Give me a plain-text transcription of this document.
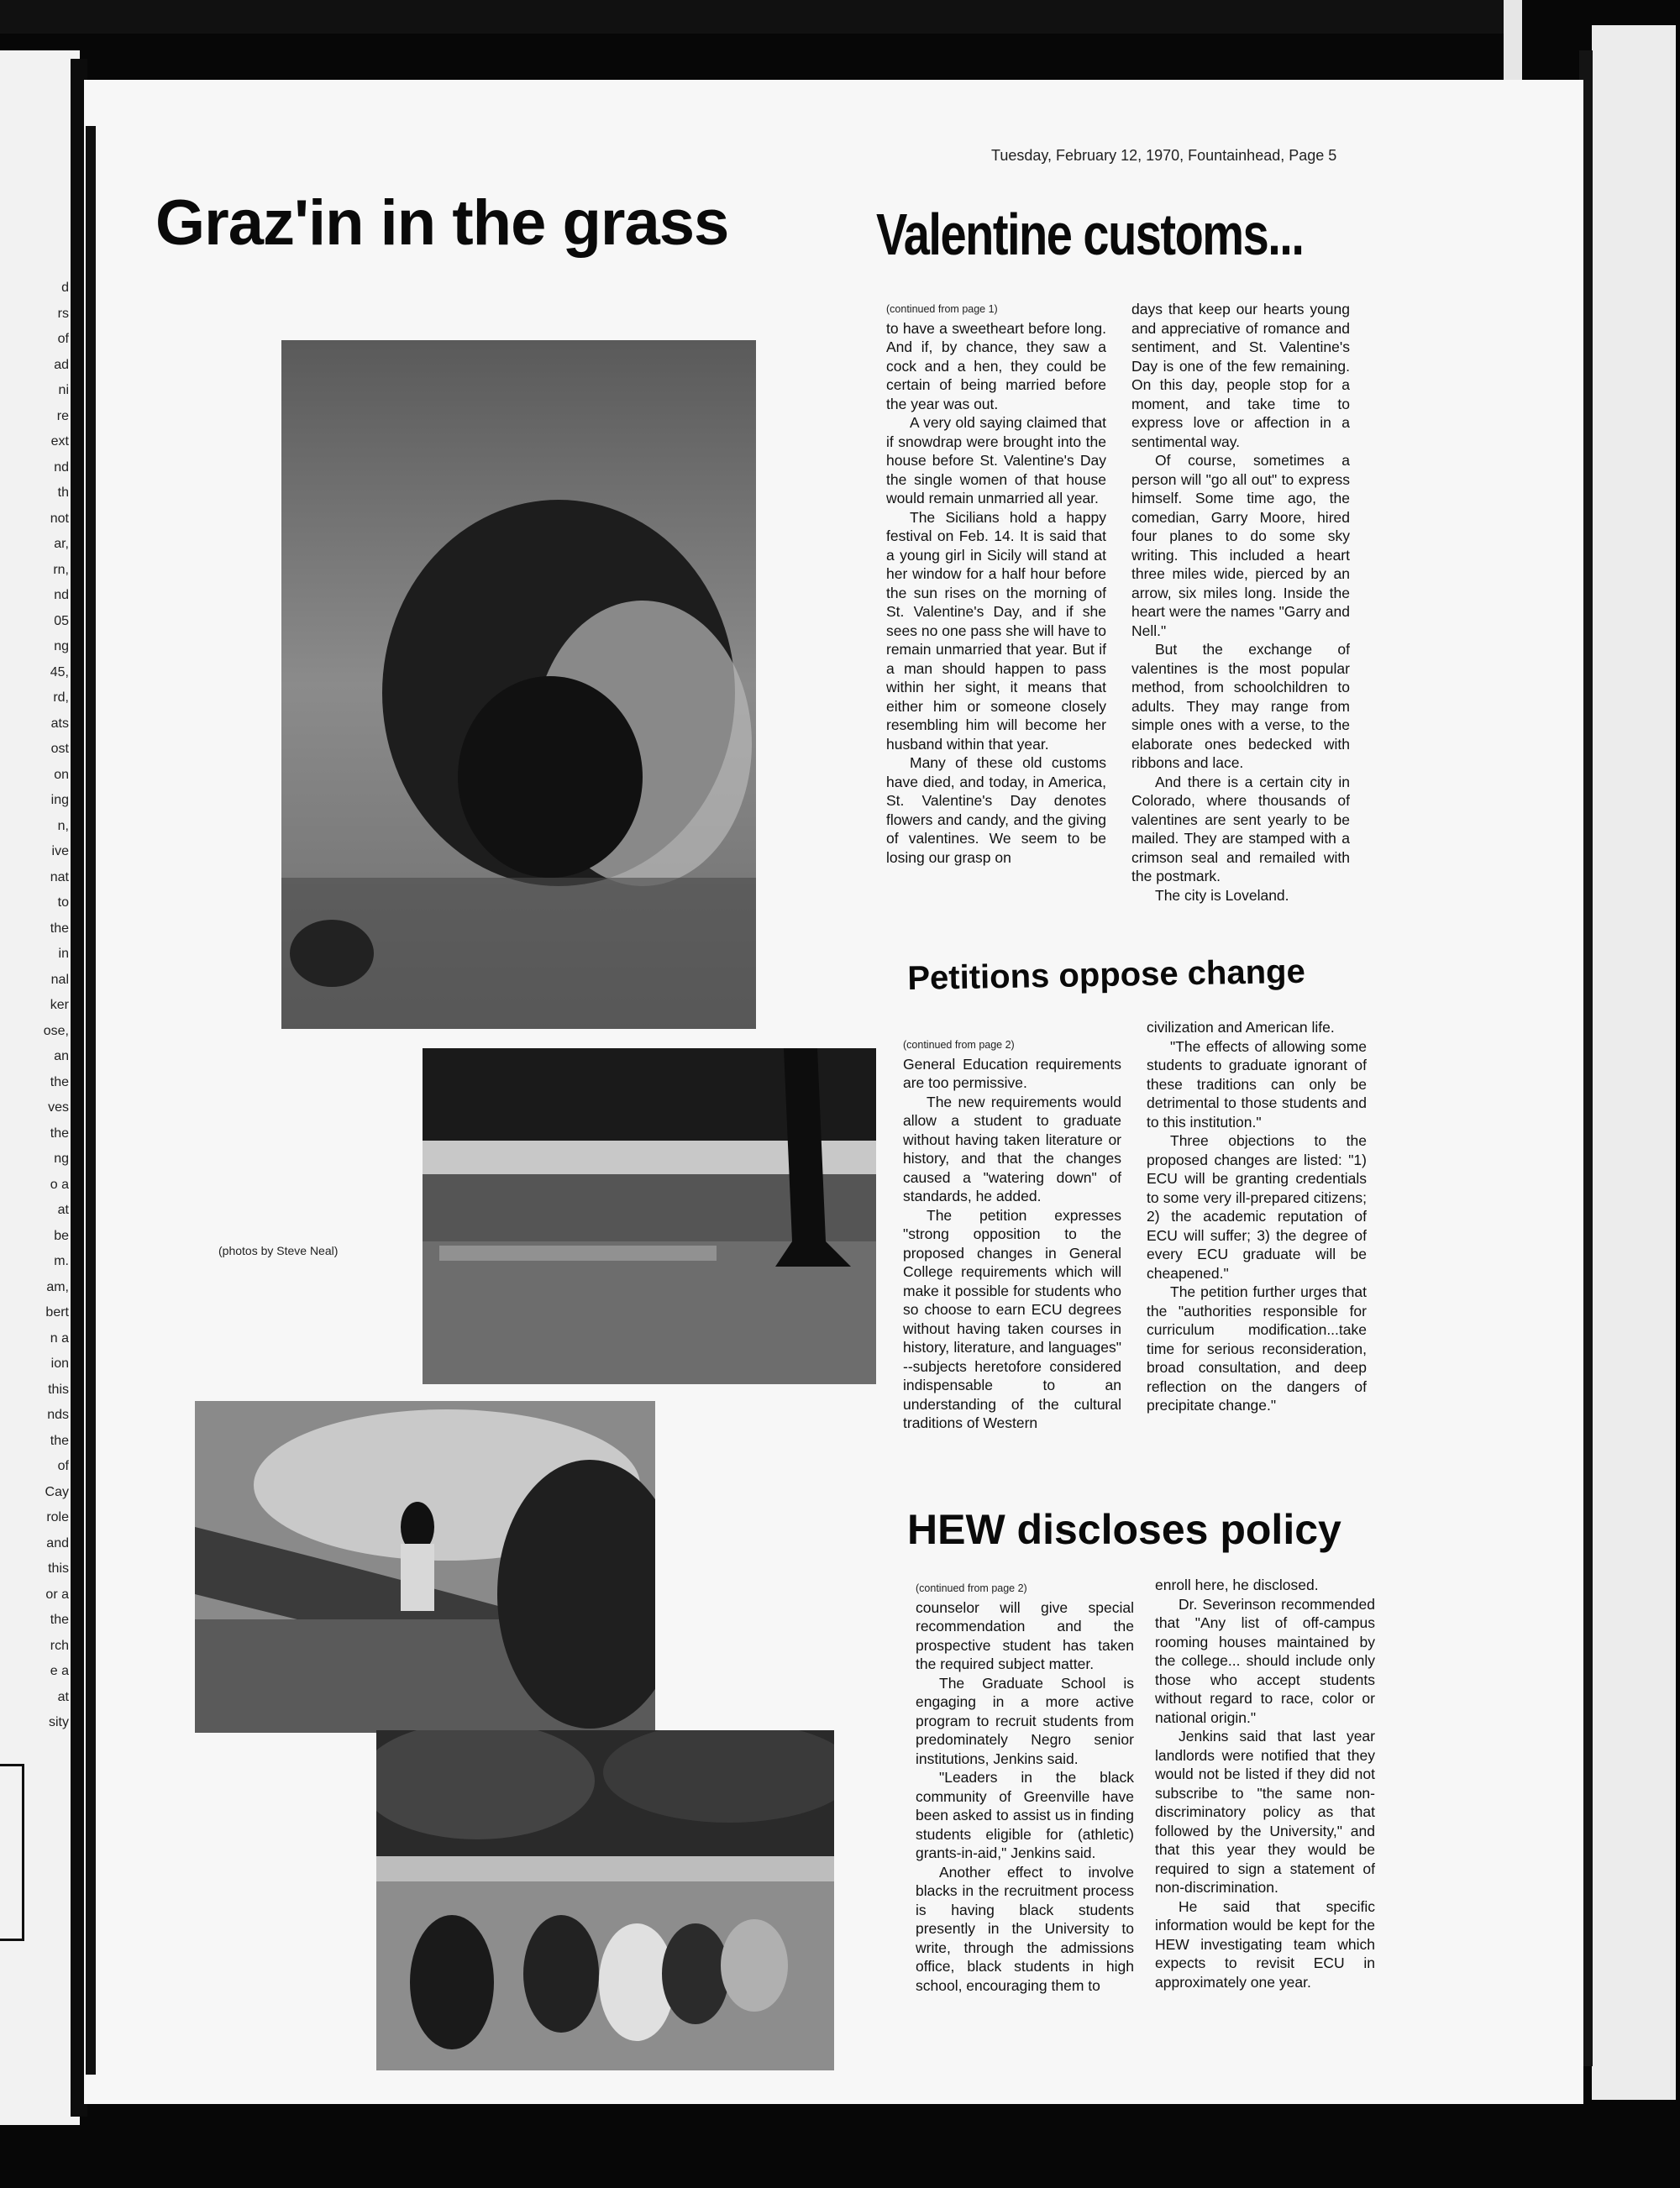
d
rs
of
ad
ni
re
ext
nd
th
not
ar,
rn,
nd
05
ng
45,
rd,
ats
ost
on
ing
n,
ive
nat
to
the
in
nal
ker
ose,
an
the
ves
the
ng
o a
at
be
m.
am,
bert
n a
ion
this
nds
the
of
Cay
role
and
this
or a
the
rch
e a
at
sity
Tuesday, February 12, 1970, Fountainhead, Page 5
Graz'in in the grass
(photos by Steve Neal)
Valentine customs...

(continued from page 1)

to have a sweetheart before long. And if, by chance, they saw a cock and a hen, they could be certain of being married before the year was out.

A very old saying claimed that if snowdrap were brought into the house before St. Valentine's Day the single women of that house would remain unmarried all year.

The Sicilians hold a happy festival on Feb. 14. It is said that a young girl in Sicily will stand at her window for a half hour before the sun rises on the morning of St. Valentine's Day, and if she sees no one pass she will have to remain unmarried that year. But if a man should happen to pass within her sight, it means that either him or someone closely resembling him will become her husband within that year.

Many of these old customs have died, and today, in America, St. Valentine's Day denotes flowers and candy, and the giving of valentines. We seem to be losing our grasp on

days that keep our hearts young and appreciative of romance and sentiment, and St. Valentine's Day is one of the few remaining. On this day, people stop for a moment, and take time to express love or affection in a sentimental way.

Of course, sometimes a person will "go all out" to express himself. Some time ago, the comedian, Garry Moore, hired four planes to do some sky writing. This included a heart three miles wide, pierced by an arrow, six miles long. Inside the heart were the names "Garry and Nell."

But the exchange of valentines is the most popular method, from schoolchildren to adults. They may range from simple ones with a verse, to the elaborate ones bedecked with ribbons and lace.

And there is a certain city in Colorado, where thousands of valentines are sent yearly to be mailed. They are stamped with a crimson seal and remailed with the postmark.

The city is Loveland.

Petitions oppose change

(continued from page 2)

General Education requirements are too permissive.

The new requirements would allow a student to graduate without having taken literature or history, and that the changes caused a "watering down" of standards, he added.

The petition expresses "strong opposition to the proposed changes in General College requirements which will make it possible for students who so choose to earn ECU degrees without having taken courses in history, literature, and languages" --subjects heretofore considered indispensable to an understanding of the cultural traditions of Western

civilization and American life.

"The effects of allowing some students to graduate ignorant of these traditions can only be detrimental to those students and to this institution."

Three objections to the proposed changes are listed: "1) ECU will be granting credentials to some very ill-prepared citizens; 2) the academic reputation of ECU will suffer; 3) the degree of every ECU graduate will be cheapened."

The petition further urges that the "authorities responsible for curriculum modification...take time for serious reconsideration, broad consultation, and deep reflection on the dangers of precipitate change."

HEW discloses policy

(continued from page 2)

counselor will give special recommendation and the prospective student has taken the required subject matter.

The Graduate School is engaging in a more active program to recruit students from predominately Negro senior institutions, Jenkins said.

"Leaders in the black community of Greenville have been asked to assist us in finding students eligible for (athletic) grants-in-aid," Jenkins said.

Another effect to involve blacks in the recruitment process is having black students presently in the University to write, through the admissions office, black students in high school, encouraging them to

enroll here, he disclosed.

Dr. Severinson recommended that "Any list of off-campus rooming houses maintained by the college... should include only those who accept students without regard to race, color or national origin."

Jenkins said that last year landlords were notified that they would not be listed if they did not subscribe to "the same non-discriminatory policy as that followed by the University," and that this year they would be required to sign a statement of non-discrimination.

He said that specific information would be kept for the HEW investigating team which expects to revisit ECU in approximately one year.
